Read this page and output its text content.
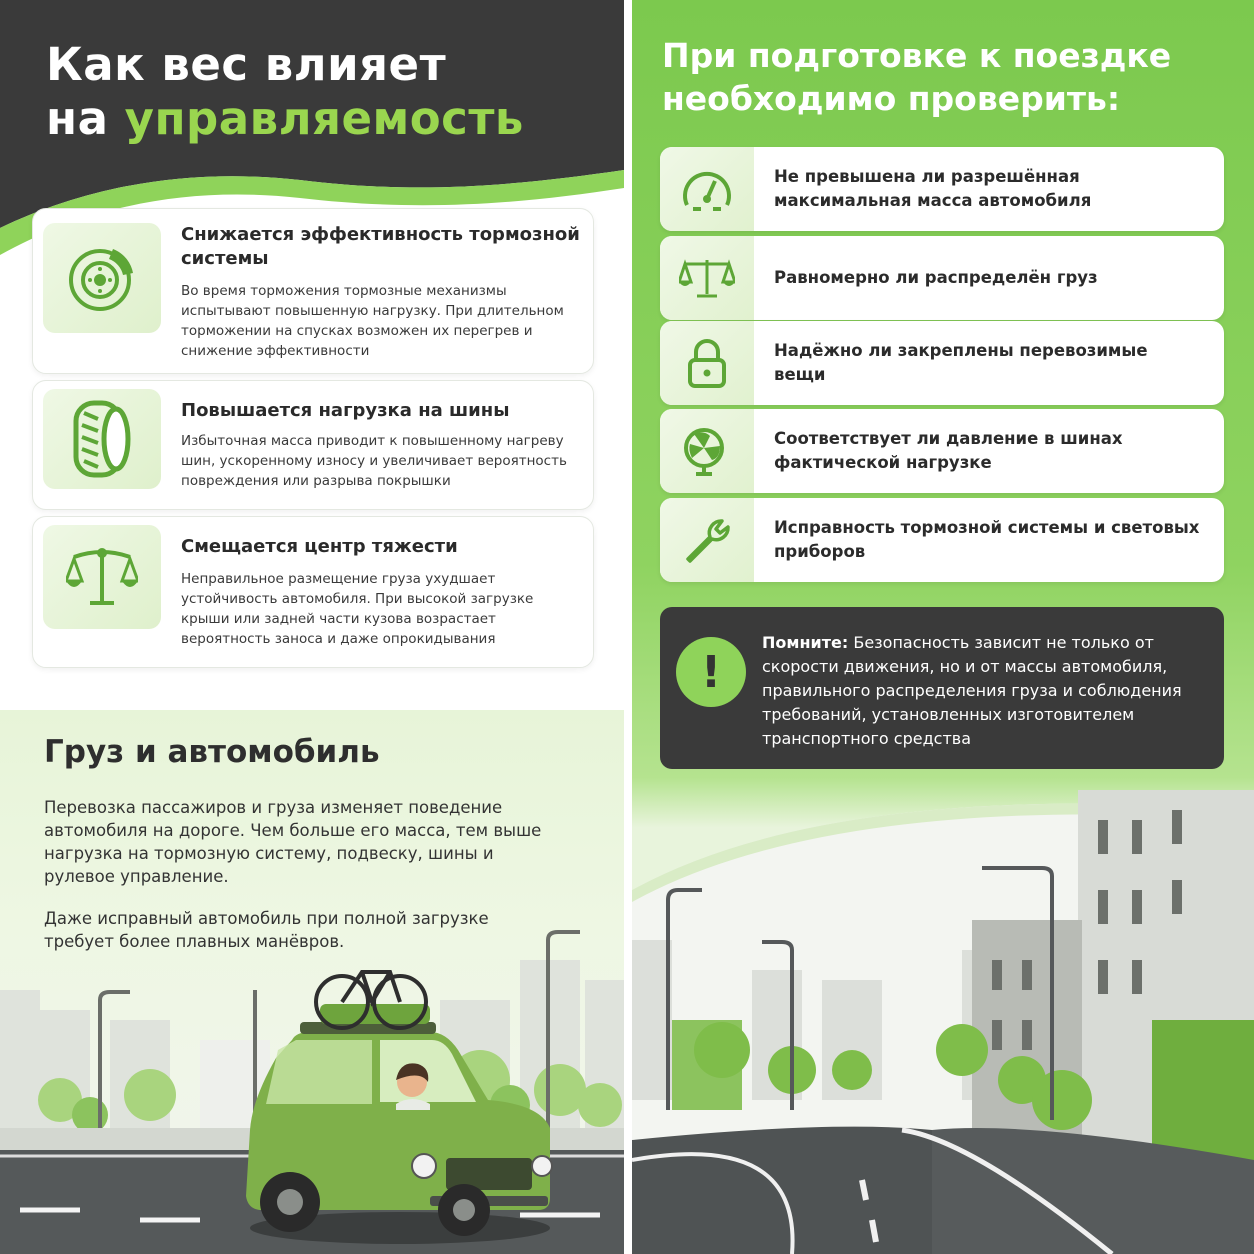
Как вес влияет
на управляемость
Снижается эффективность тормозной системы

Во время торможения тормозные механизмы испытывают повышенную нагрузку. При длительном торможении на спусках возможен их перегрев и снижение эффективности

Повышается нагрузка на шины

Избыточная масса приводит к повышенному нагреву шин, ускоренному износу и увеличивает вероятность повреждения или разрыва покрышки

Смещается центр тяжести

Неправильное размещение груза ухудшает устойчивость автомобиля. При высокой загрузке крыши или задней части кузова возрастает вероятность заноса и даже опрокидывания

Груз и автомобиль

Перевозка пассажиров и груза изменяет поведение автомобиля на дороге. Чем больше его масса, тем выше нагрузка на тормозную систему, подвеску, шины и рулевое управление.

Даже исправный автомобиль при полной загрузке требует более плавных манёвров.

При подготовке к поездке необходимо проверить:

Не превышена ли разрешённая максимальная масса автомобиля

Равномерно ли распределён груз

Надёжно ли закреплены перевозимые вещи

Соответствует ли давление в шинах фактической нагрузке

Исправность тормозной системы и световых приборов

!

Помните: Безопасность зависит не только от скорости движения, но и от массы автомобиля, правильного распределения груза и соблюдения требований, установленных изготовителем транспортного средства
